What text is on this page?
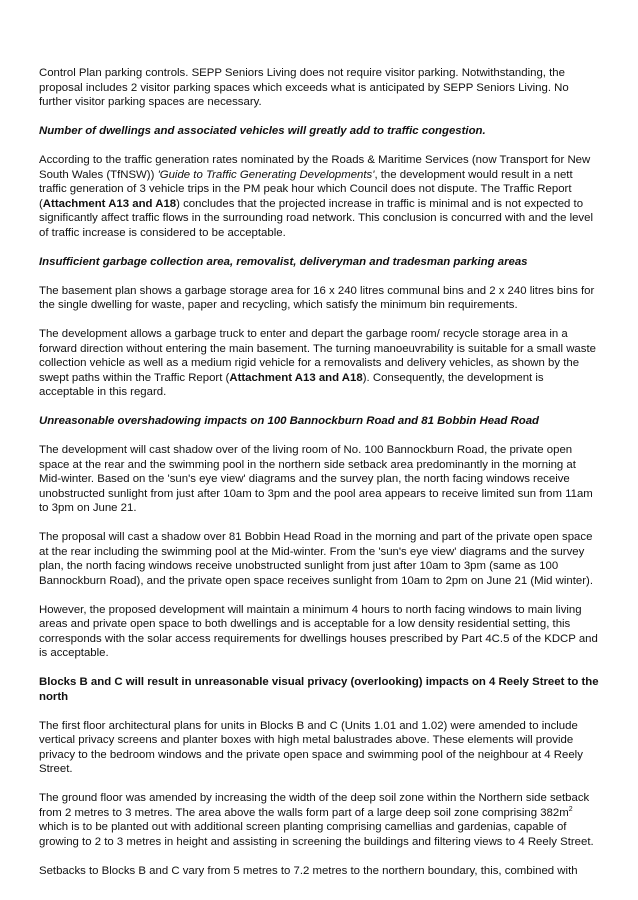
Control Plan parking controls. SEPP Seniors Living does not require visitor parking. Notwithstanding, the proposal includes 2 visitor parking spaces which exceeds what is anticipated by SEPP Seniors Living. No further visitor parking spaces are necessary.

Number of dwellings and associated vehicles will greatly add to traffic congestion.

According to the traffic generation rates nominated by the Roads & Maritime Services (now Transport for New South Wales (TfNSW)) 'Guide to Traffic Generating Developments', the development would result in a nett traffic generation of 3 vehicle trips in the PM peak hour which Council does not dispute. The Traffic Report (Attachment A13 and A18) concludes that the projected increase in traffic is minimal and is not expected to significantly affect traffic flows in the surrounding road network. This conclusion is concurred with and the level of traffic increase is considered to be acceptable.

Insufficient garbage collection area, removalist, deliveryman and tradesman parking areas

The basement plan shows a garbage storage area for 16 x 240 litres communal bins and 2 x 240 litres bins for the single dwelling for waste, paper and recycling, which satisfy the minimum bin requirements.

The development allows a garbage truck to enter and depart the garbage room/ recycle storage area in a forward direction without entering the main basement. The turning manoeuvrability is suitable for a small waste collection vehicle as well as a medium rigid vehicle for a removalists and delivery vehicles, as shown by the swept paths within the Traffic Report (Attachment A13 and A18). Consequently, the development is acceptable in this regard.

Unreasonable overshadowing impacts on 100 Bannockburn Road and 81 Bobbin Head Road

The development will cast shadow over of the living room of No. 100 Bannockburn Road, the private open space at the rear and the swimming pool in the northern side setback area predominantly in the morning at Mid-winter. Based on the 'sun's eye view' diagrams and the survey plan, the north facing windows receive unobstructed sunlight from just after 10am to 3pm and the pool area appears to receive limited sun from 11am to 3pm on June 21.

The proposal will cast a shadow over 81 Bobbin Head Road in the morning and part of the private open space at the rear including the swimming pool at the Mid-winter. From the 'sun's eye view' diagrams and the survey plan, the north facing windows receive unobstructed sunlight from just after 10am to 3pm (same as 100 Bannockburn Road), and the private open space receives sunlight from 10am to 2pm on June 21 (Mid winter).

However, the proposed development will maintain a minimum 4 hours to north facing windows to main living areas and private open space to both dwellings and is acceptable for a low density residential setting, this corresponds with the solar access requirements for dwellings houses prescribed by Part 4C.5 of the KDCP and is acceptable.

Blocks B and C will result in unreasonable visual privacy (overlooking) impacts on 4 Reely Street to the north

The first floor architectural plans for units in Blocks B and C (Units 1.01 and 1.02) were amended to include vertical privacy screens and planter boxes with high metal balustrades above. These elements will provide privacy to the bedroom windows and the private open space and swimming pool of the neighbour at 4 Reely Street.

The ground floor was amended by increasing the width of the deep soil zone within the Northern side setback from 2 metres to 3 metres. The area above the walls form part of a large deep soil zone comprising $382m^2$ which is to be planted out with additional screen planting comprising camellias and gardenias, capable of growing to 2 to 3 metres in height and assisting in screening the buildings and filtering views to 4 Reely Street.

Setbacks to Blocks B and C vary from 5 metres to 7.2 metres to the northern boundary, this, combined with
